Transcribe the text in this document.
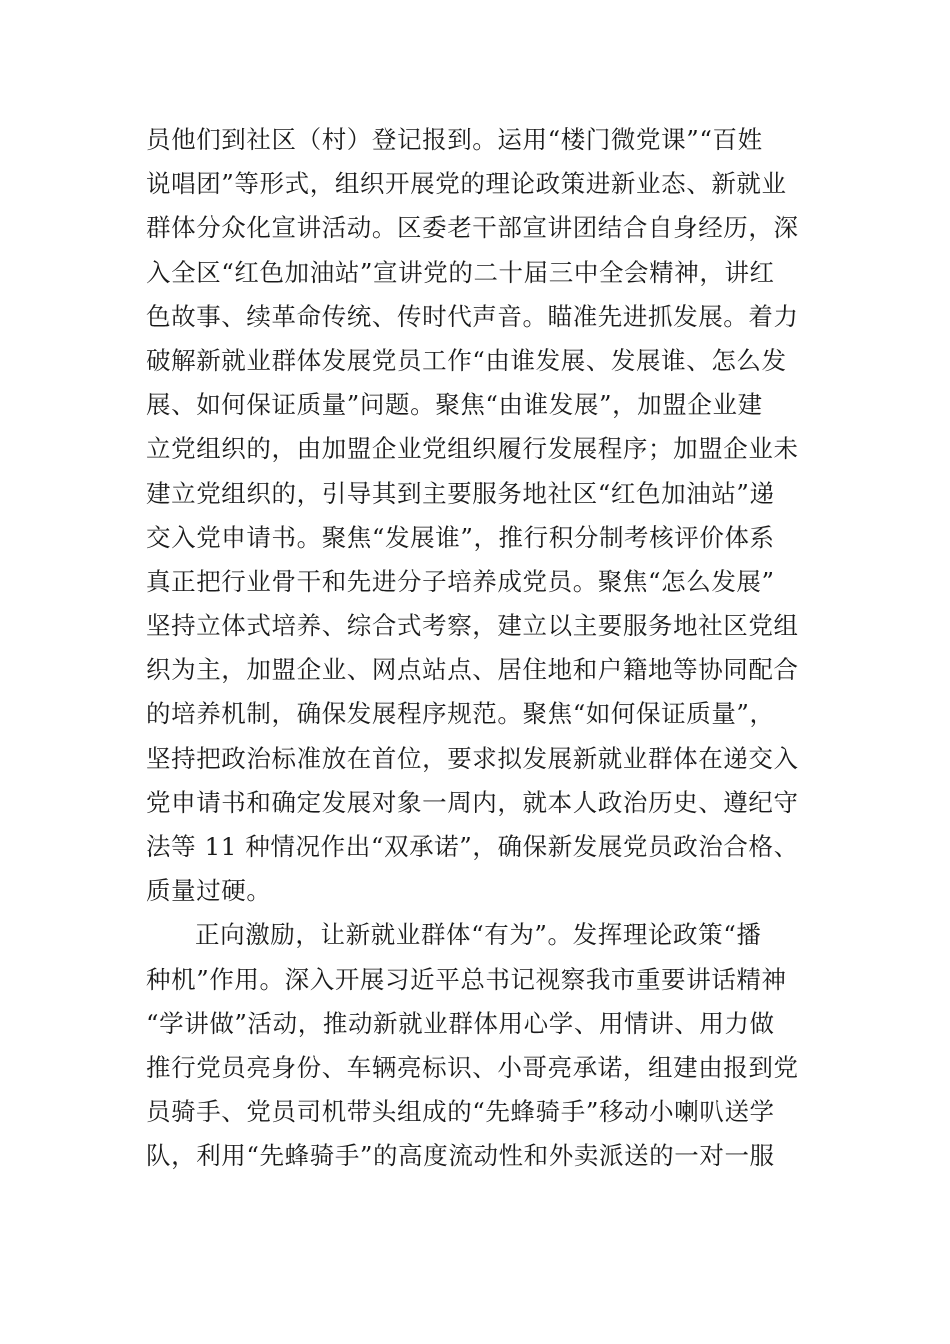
员他们到社区（村）登记报到。运用“楼门微党课”“百姓
说唱团”等形式，组织开展党的理论政策进新业态、新就业
群体分众化宣讲活动。区委老干部宣讲团结合自身经历，深
入全区“红色加油站”宣讲党的二十届三中全会精神，讲红
色故事、续革命传统、传时代声音。瞄准先进抓发展。着力
破解新就业群体发展党员工作“由谁发展、发展谁、怎么发
展、如何保证质量”问题。聚焦“由谁发展”，加盟企业建
立党组织的，由加盟企业党组织履行发展程序；加盟企业未
建立党组织的，引导其到主要服务地社区“红色加油站”递
交入党申请书。聚焦“发展谁”，推行积分制考核评价体系
真正把行业骨干和先进分子培养成党员。聚焦“怎么发展”
坚持立体式培养、综合式考察，建立以主要服务地社区党组
织为主，加盟企业、网点站点、居住地和户籍地等协同配合
的培养机制，确保发展程序规范。聚焦“如何保证质量”，
坚持把政治标准放在首位，要求拟发展新就业群体在递交入
党申请书和确定发展对象一周内，就本人政治历史、遵纪守
法等 11 种情况作出“双承诺”，确保新发展党员政治合格、
质量过硬。
正向激励，让新就业群体“有为”。发挥理论政策“播
种机”作用。深入开展习近平总书记视察我市重要讲话精神
“学讲做”活动，推动新就业群体用心学、用情讲、用力做
推行党员亮身份、车辆亮标识、小哥亮承诺，组建由报到党
员骑手、党员司机带头组成的“先蜂骑手”移动小喇叭送学
队，利用“先蜂骑手”的高度流动性和外卖派送的一对一服
